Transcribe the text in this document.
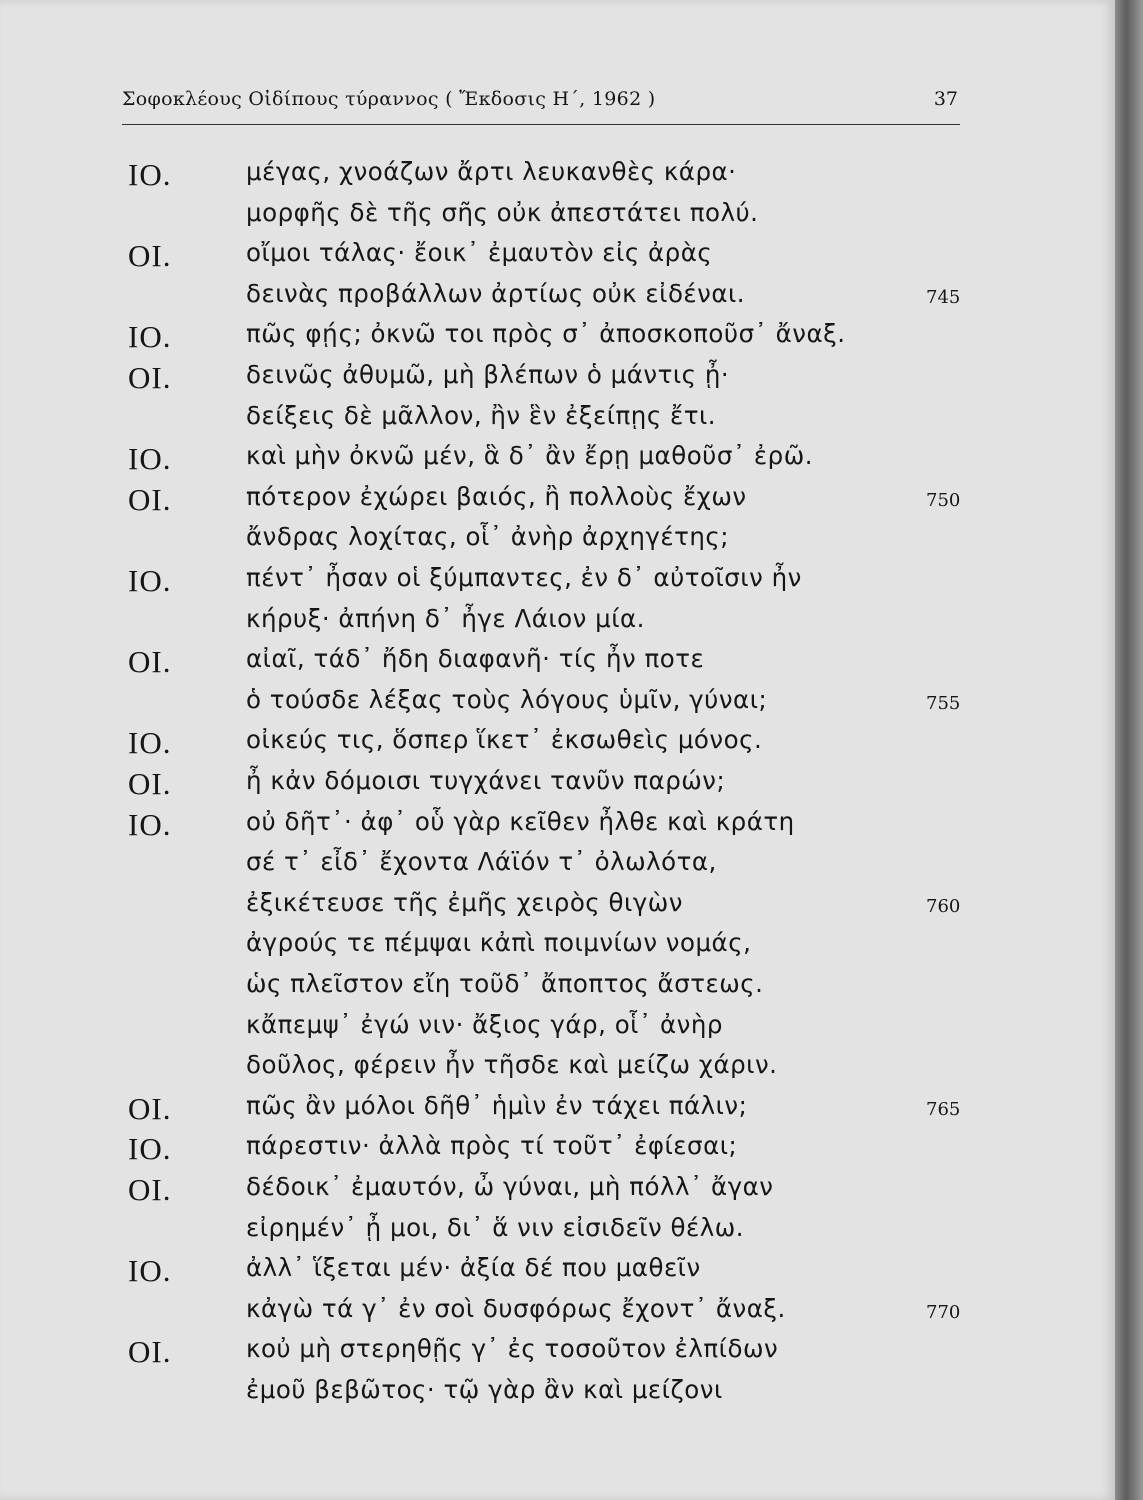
Σοφοκλέους Οἰδίπους τύραννος ( Ἔκδοσις Η΄, 1962 )	37
ΙΟ.	μέγας, χνοάζων ἄρτι λευκανθὲς κάρα·
μορφῆς δὲ τῆς σῆς οὐκ ἀπεστάτει πολύ.
ΟΙ.	οἴμοι τάλας· ἔοικ᾽ ἐμαυτὸν εἰς ἀρὰς
δεινὰς προβάλλων ἀρτίως οὐκ εἰδέναι.	745
ΙΟ.	πῶς φῄς; ὀκνῶ τοι πρὸς σ᾽ ἀποσκοποῦσ᾽ ἄναξ.
ΟΙ.	δεινῶς ἀθυμῶ, μὴ βλέπων ὁ μάντις ᾖ·
δείξεις δὲ μᾶλλον, ἢν ἓν ἐξείπῃς ἔτι.
ΙΟ.	καὶ μὴν ὀκνῶ μέν, ἃ δ᾽ ἂν ἔρῃ μαθοῦσ᾽ ἐρῶ.
ΟΙ.	πότερον ἐχώρει βαιός, ἢ πολλοὺς ἔχων	750
ἄνδρας λοχίτας, οἷ᾽ ἀνὴρ ἀρχηγέτης;
ΙΟ.	πέντ᾽ ἦσαν οἱ ξύμπαντες, ἐν δ᾽ αὐτοῖσιν ἦν
κήρυξ· ἀπήνη δ᾽ ἦγε Λάιον μία.
ΟΙ.	αἰαῖ, τάδ᾽ ἤδη διαφανῆ· τίς ἦν ποτε
ὁ τούσδε λέξας τοὺς λόγους ὑμῖν, γύναι;	755
ΙΟ.	οἰκεύς τις, ὅσπερ ἵκετ᾽ ἐκσωθεὶς μόνος.
ΟΙ.	ἦ κἀν δόμοισι τυγχάνει τανῦν παρών;
ΙΟ.	οὐ δῆτ᾽· ἀφ᾽ οὗ γὰρ κεῖθεν ἦλθε καὶ κράτη
σέ τ᾽ εἶδ᾽ ἔχοντα Λάϊόν τ᾽ ὀλωλότα,
ἐξικέτευσε τῆς ἐμῆς χειρὸς θιγὼν	760
ἀγρούς τε πέμψαι κἀπὶ ποιμνίων νομάς,
ὡς πλεῖστον εἴη τοῦδ᾽ ἄποπτος ἄστεως.
κἄπεμψ᾽ ἐγώ νιν· ἄξιος γάρ, οἷ᾽ ἀνὴρ
δοῦλος, φέρειν ἦν τῆσδε καὶ μείζω χάριν.
ΟΙ.	πῶς ἂν μόλοι δῆθ᾽ ἡμὶν ἐν τάχει πάλιν;	765
ΙΟ.	πάρεστιν· ἀλλὰ πρὸς τί τοῦτ᾽ ἐφίεσαι;
ΟΙ.	δέδοικ᾽ ἐμαυτόν, ὦ γύναι, μὴ πόλλ᾽ ἄγαν
εἰρημέν᾽ ᾖ μοι, δι᾽ ἅ νιν εἰσιδεῖν θέλω.
ΙΟ.	ἀλλ᾽ ἵξεται μέν· ἀξία δέ που μαθεῖν
κἀγὼ τά γ᾽ ἐν σοὶ δυσφόρως ἔχοντ᾽ ἄναξ.	770
ΟΙ.	κοὐ μὴ στερηθῇς γ᾽ ἐς τοσοῦτον ἐλπίδων
ἐμοῦ βεβῶτος· τῷ γὰρ ἂν καὶ μείζονι
